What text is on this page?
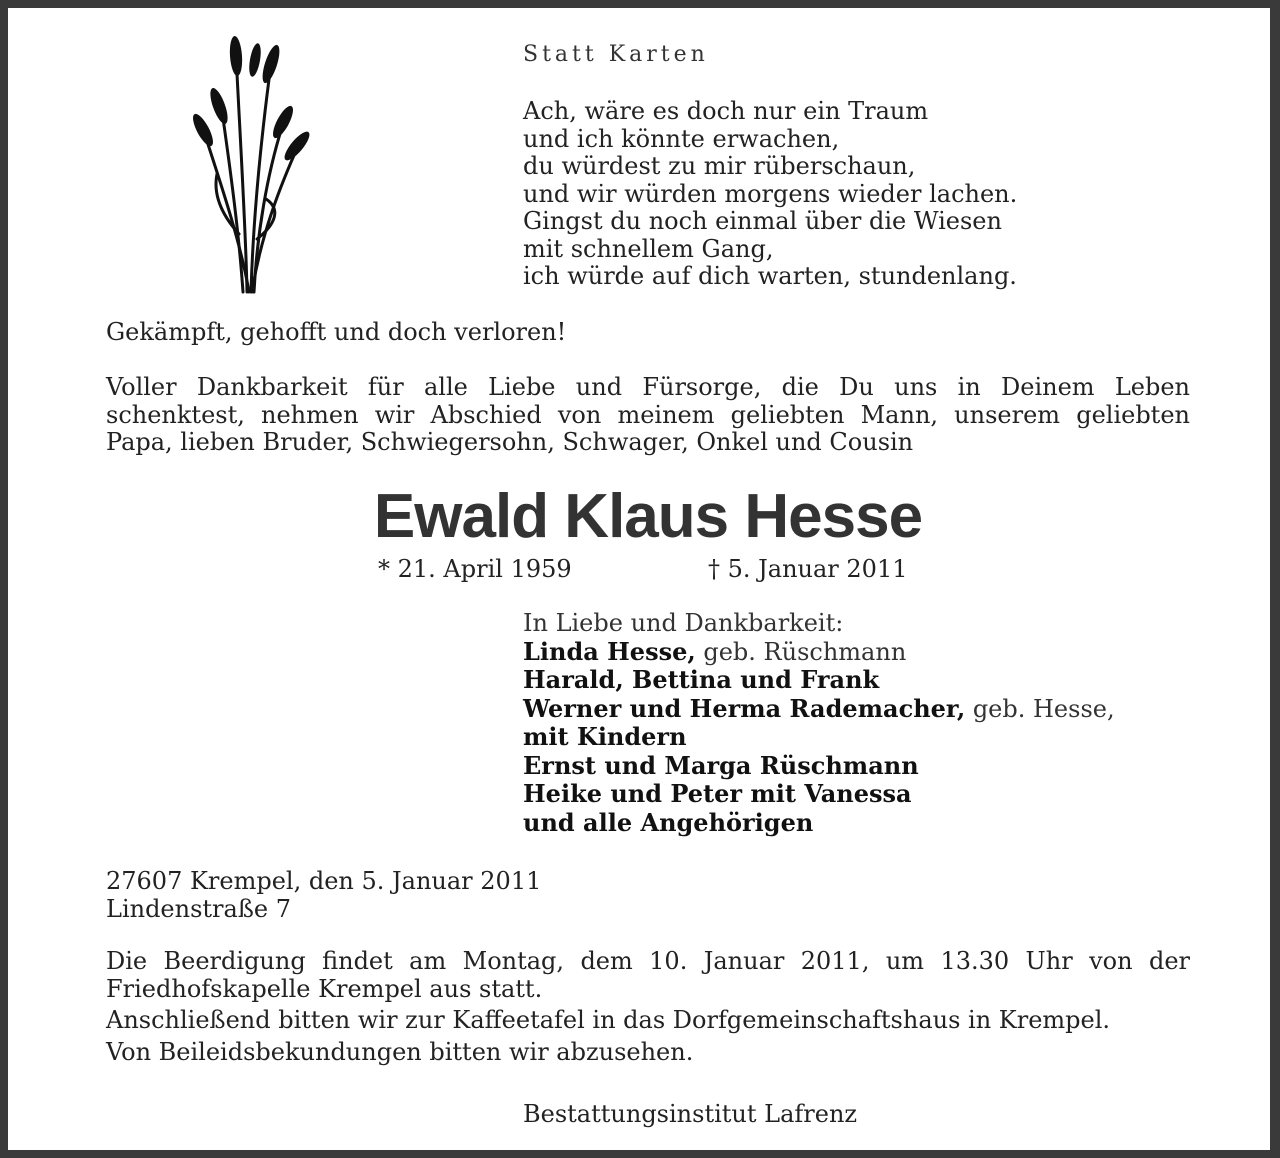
Statt Karten
Ach, wäre es doch nur ein Traum
und ich könnte erwachen,
du würdest zu mir rüberschaun,
und wir würden morgens wieder lachen.
Gingst du noch einmal über die Wiesen
mit schnellem Gang,
ich würde auf dich warten, stundenlang.
Gekämpft, gehofft und doch verloren!
Voller Dankbarkeit für alle Liebe und Fürsorge, die Du uns in Deinem Leben
schenktest, nehmen wir Abschied von meinem geliebten Mann, unserem geliebten
Papa, lieben Bruder, Schwiegersohn, Schwager, Onkel und Cousin
Ewald Klaus Hesse
* 21. April 1959	† 5. Januar 2011
In Liebe und Dankbarkeit:
Linda Hesse, geb. Rüschmann
Harald, Bettina und Frank
Werner und Herma Rademacher, geb. Hesse,
mit Kindern
Ernst und Marga Rüschmann
Heike und Peter mit Vanessa
und alle Angehörigen
27607 Krempel, den 5. Januar 2011
Lindenstraße 7
Die Beerdigung findet am Montag, dem 10. Januar 2011, um 13.30 Uhr von der
Friedhofskapelle Krempel aus statt.
Anschließend bitten wir zur Kaffeetafel in das Dorfgemeinschaftshaus in Krempel.
Von Beileidsbekundungen bitten wir abzusehen.
Bestattungsinstitut Lafrenz
